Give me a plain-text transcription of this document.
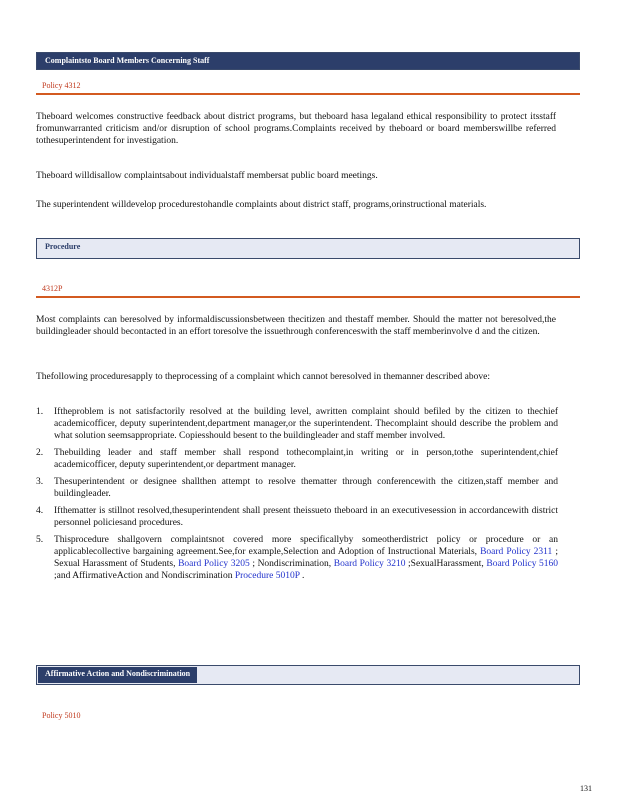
Complaintsto Board Members Concerning Staff
Policy 4312

Theboard welcomes constructive feedback about district programs, but theboard hasa legaland ethical responsibility to protect itsstaff fromunwarranted criticism and/or disruption of school programs.Complaints received by theboard or board memberswillbe referred tothesuperintendent for investigation.

Theboard willdisallow complaintsabout individualstaff membersat public board meetings.

The superintendent willdevelop procedurestohandle complaints about district staff, programs,orinstructional materials.

Procedure
4312P

Most complaints can beresolved by informaldiscussionsbetween thecitizen and thestaff member. Should the matter not beresolved,the buildingleader should becontacted in an effort toresolve the issuethrough conferenceswith the staff memberinvolve d and the citizen.

Thefollowing proceduresapply to theprocessing of a complaint which cannot beresolved in themanner described above:

1. Iftheproblem is not satisfactorily resolved at the building level, awritten complaint should befiled by the citizen to thechief academicofficer, deputy superintendent,department manager,or the superintendent. Thecomplaint should describe the problem and what solution seemsappropriate. Copiesshould besent to the buildingleader and staff member involved.
2. Thebuilding leader and staff member shall respond tothecomplaint,in writing or in person,tothe superintendent,chief academicofficer, deputy superintendent,or department manager.
3. Thesuperintendent or designee shallthen attempt to resolve thematter through conferencewith the citizen,staff member and buildingleader.
4. Ifthematter is stillnot resolved,thesuperintendent shall present theissueto theboard in an executivesession in accordancewith district personnel policiesand procedures.
5. Thisprocedure shallgovern complaintsnot covered more specificallyby someotherdistrict policy or procedure or an applicablecollective bargaining agreement.See,for example,Selection and Adoption of Instructional Materials, Board Policy 2311 ; Sexual Harassment of Students, Board Policy 3205 ; Nondiscrimination, Board Policy 3210 ;SexualHarassment, Board Policy 5160 ;and AffirmativeAction and Nondiscrimination Procedure 5010P .
Affirmative Action and Nondiscrimination
Policy 5010
131
